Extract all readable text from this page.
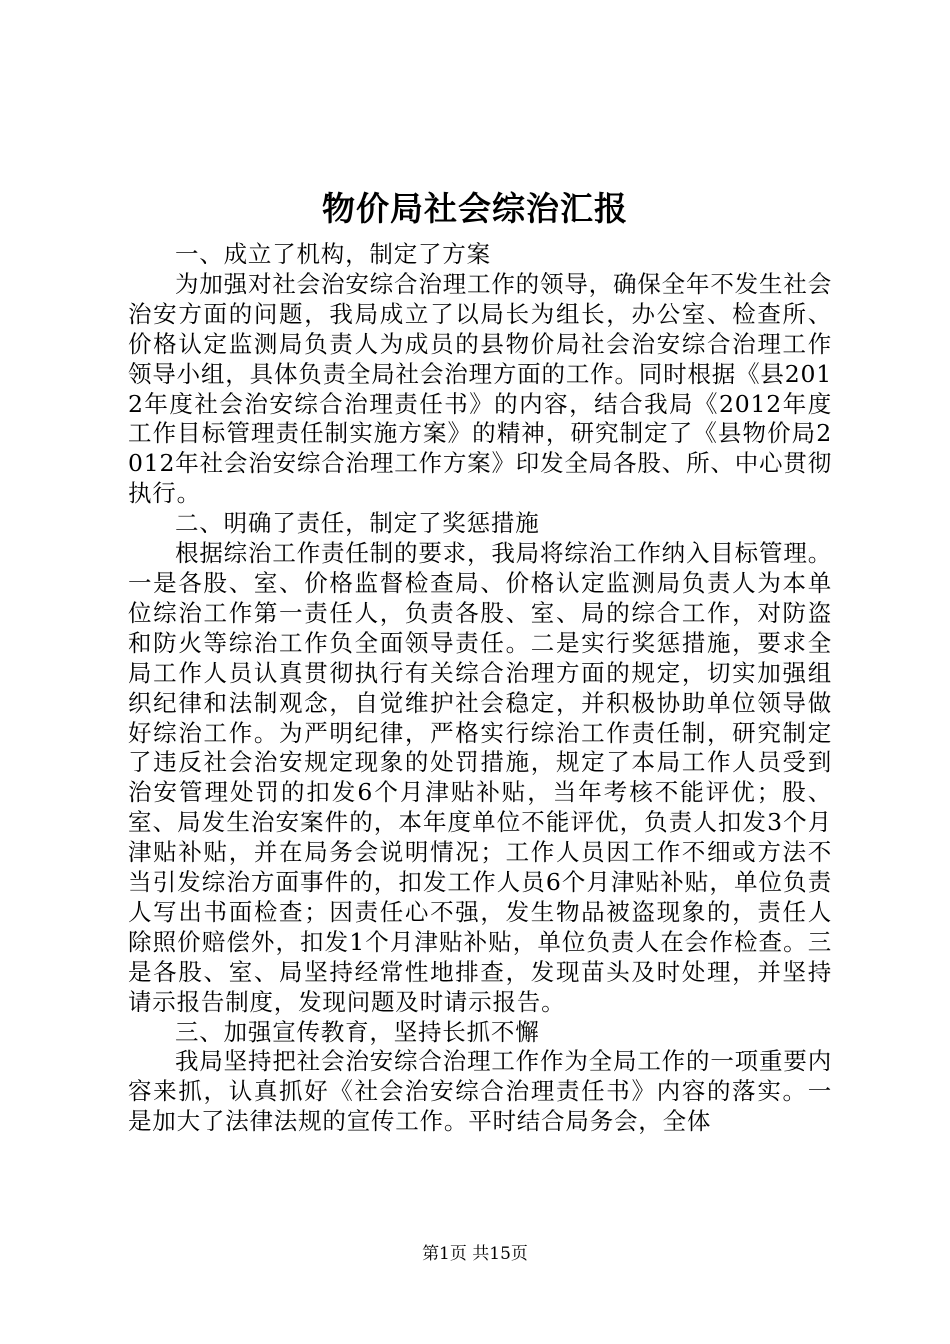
物价局社会综治汇报

一、成立了机构，制定了方案

为加强对社会治安综合治理工作的领导，确保全年不发生社会治安方面的问题，我局成立了以局长为组长，办公室、检查所、价格认定监测局负责人为成员的县物价局社会治安综合治理工作领导小组，具体负责全局社会治理方面的工作。同时根据《县2012年度社会治安综合治理责任书》的内容，结合我局《2012年度工作目标管理责任制实施方案》的精神，研究制定了《县物价局2012年社会治安综合治理工作方案》印发全局各股、所、中心贯彻执行。

二、明确了责任，制定了奖惩措施

根据综治工作责任制的要求，我局将综治工作纳入目标管理。一是各股、室、价格监督检查局、价格认定监测局负责人为本单位综治工作第一责任人，负责各股、室、局的综合工作，对防盗和防火等综治工作负全面领导责任。二是实行奖惩措施，要求全局工作人员认真贯彻执行有关综合治理方面的规定，切实加强组织纪律和法制观念，自觉维护社会稳定，并积极协助单位领导做好综治工作。为严明纪律，严格实行综治工作责任制，研究制定了违反社会治安规定现象的处罚措施，规定了本局工作人员受到治安管理处罚的扣发6个月津贴补贴，当年考核不能评优；股、室、局发生治安案件的，本年度单位不能评优，负责人扣发3个月津贴补贴，并在局务会说明情况；工作人员因工作不细或方法不当引发综治方面事件的，扣发工作人员6个月津贴补贴，单位负责人写出书面检查；因责任心不强，发生物品被盗现象的，责任人除照价赔偿外，扣发1个月津贴补贴，单位负责人在会作检查。三是各股、室、局坚持经常性地排查，发现苗头及时处理，并坚持请示报告制度，发现问题及时请示报告。

三、加强宣传教育，坚持长抓不懈

我局坚持把社会治安综合治理工作作为全局工作的一项重要内容来抓，认真抓好《社会治安综合治理责任书》内容的落实。一是加大了法律法规的宣传工作。平时结合局务会，全体

第1页 共15页
